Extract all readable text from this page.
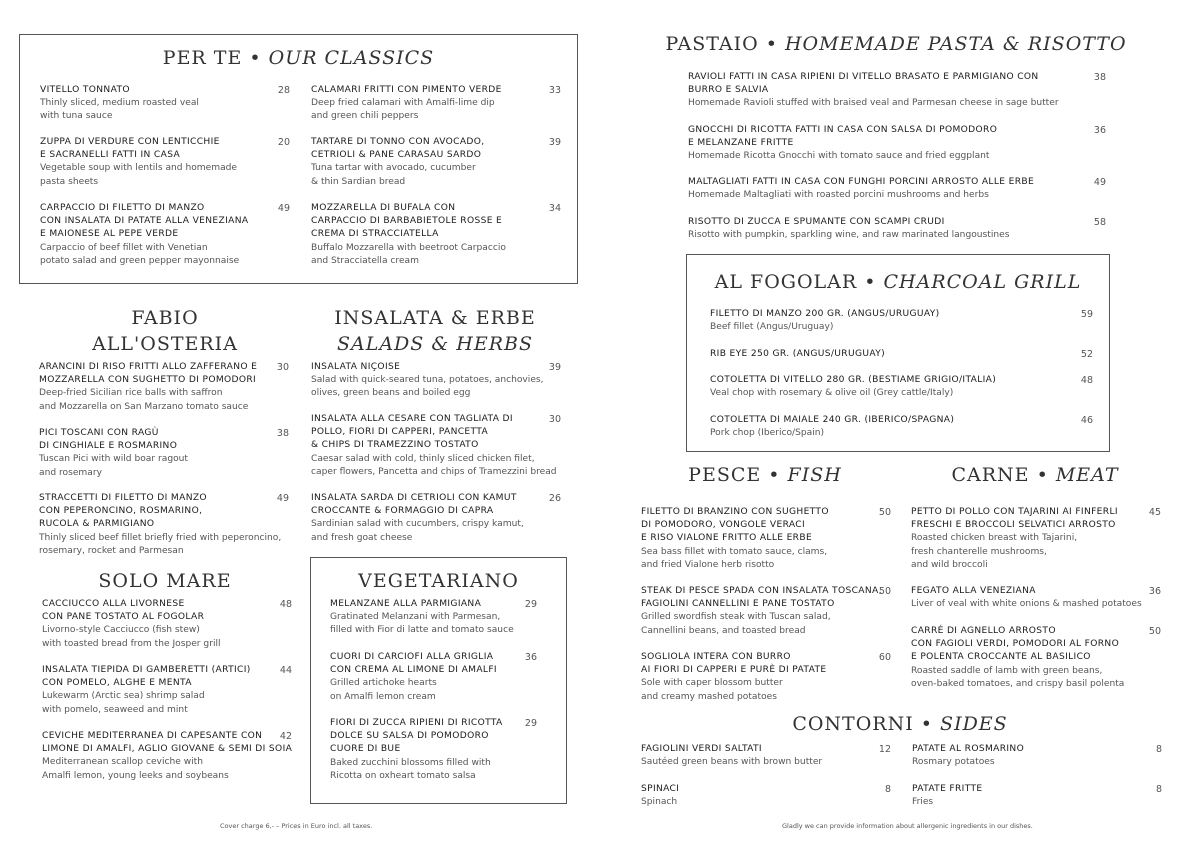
PER TE • OUR CLASSICS
FABIO
ALL'OSTERIA
INSALATA & ERBE
SALADS & HERBS
SOLO MARE	VEGETARIANO
PASTAIO • HOMEMADE PASTA & RISOTTO
AL FOGOLAR • CHARCOAL GRILL
PESCE • FISH	CARNE • MEAT
CONTORNI • SIDES
VITELLO TONNATO
Thinly sliced, medium roasted veal
with tuna sauce
28
ZUPPA DI VERDURE CON LENTICCHIE
E SACRANELLI FATTI IN CASA
Vegetable soup with lentils and homemade
pasta sheets
20
CARPACCIO DI FILETTO DI MANZO
CON INSALATA DI PATATE ALLA VENEZIANA
E MAIONESE AL PEPE VERDE
Carpaccio of beef fillet with Venetian
potato salad and green pepper mayonnaise
49
CALAMARI FRITTI CON PIMENTO VERDE
Deep fried calamari with Amalfi-lime dip
and green chili peppers
33
TARTARE DI TONNO CON AVOCADO,
CETRIOLI & PANE CARASAU SARDO
Tuna tartar with avocado, cucumber
& thin Sardian bread
39
MOZZARELLA DI BUFALA CON
CARPACCIO DI BARBABIETOLE ROSSE E
CREMA DI STRACCIATELLA
Buffalo Mozzarella with beetroot Carpaccio
and Stracciatella cream
34
ARANCINI DI RISO FRITTI ALLO ZAFFERANO E
MOZZARELLA CON SUGHETTO DI POMODORI
Deep-fried Sicilian rice balls with saffron
and Mozzarella on San Marzano tomato sauce
30
PICI TOSCANI CON RAGÙ
DI CINGHIALE E ROSMARINO
Tuscan Pici with wild boar ragout
and rosemary
38
STRACCETTI DI FILETTO DI MANZO
CON PEPERONCINO, ROSMARINO,
RUCOLA & PARMIGIANO
Thinly sliced beef fillet briefly fried with peperoncino,
rosemary, rocket and Parmesan
49
INSALATA NIÇOISE
Salad with quick-seared tuna, potatoes, anchovies,
olives, green beans and boiled egg
39
INSALATA ALLA CESARE CON TAGLIATA DI
POLLO, FIORI DI CAPPERI, PANCETTA
& CHIPS DI TRAMEZZINO TOSTATO
Caesar salad with cold, thinly sliced chicken filet,
caper flowers, Pancetta and chips of Tramezzini bread
30
INSALATA SARDA DI CETRIOLI CON KAMUT
CROCCANTE & FORMAGGIO DI CAPRA
Sardinian salad with cucumbers, crispy kamut,
and fresh goat cheese
26
CACCIUCCO ALLA LIVORNESE
CON PANE TOSTATO AL FOGOLAR
Livorno-style Cacciucco (fish stew)
with toasted bread from the Josper grill
48
INSALATA TIEPIDA DI GAMBERETTI (ARTICI)
CON POMELO, ALGHE E MENTA
Lukewarm (Arctic sea) shrimp salad
with pomelo, seaweed and mint
44
CEVICHE MEDITERRANEA DI CAPESANTE CON
LIMONE DI AMALFI, AGLIO GIOVANE & SEMI DI SOIA
Mediterranean scallop ceviche with
Amalfi lemon, young leeks and soybeans
42
MELANZANE ALLA PARMIGIANA
Gratinated Melanzani with Parmesan,
filled with Fior di latte and tomato sauce
29
CUORI DI CARCIOFI ALLA GRIGLIA
CON CREMA AL LIMONE DI AMALFI
Grilled artichoke hearts
on Amalfi lemon cream
36
FIORI DI ZUCCA RIPIENI DI RICOTTA
DOLCE SU SALSA DI POMODORO
CUORE DI BUE
Baked zucchini blossoms filled with
Ricotta on oxheart tomato salsa
29
RAVIOLI FATTI IN CASA RIPIENI DI VITELLO BRASATO E PARMIGIANO CON
BURRO E SALVIA
Homemade Ravioli stuffed with braised veal and Parmesan cheese in sage butter
38
GNOCCHI DI RICOTTA FATTI IN CASA CON SALSA DI POMODORO
E MELANZANE FRITTE
Homemade Ricotta Gnocchi with tomato sauce and fried eggplant
36
MALTAGLIATI FATTI IN CASA CON FUNGHI PORCINI ARROSTO ALLE ERBE
Homemade Maltagliati with roasted porcini mushrooms and herbs
49
RISOTTO DI ZUCCA E SPUMANTE CON SCAMPI CRUDI
Risotto with pumpkin, sparkling wine, and raw marinated langoustines
58
FILETTO DI MANZO 200 GR. (ANGUS/URUGUAY)
Beef fillet (Angus/Uruguay)
59
RIB EYE 250 GR. (ANGUS/URUGUAY)	52
COTOLETTA DI VITELLO 280 GR. (BESTIAME GRIGIO/ITALIA)
Veal chop with rosemary & olive oil (Grey cattle/Italy)
48
COTOLETTA DI MAIALE 240 GR. (IBERICO/SPAGNA)
Pork chop (Iberico/Spain)
46
FILETTO DI BRANZINO CON SUGHETTO
DI POMODORO, VONGOLE VERACI
E RISO VIALONE FRITTO ALLE ERBE
Sea bass fillet with tomato sauce, clams,
and fried Vialone herb risotto
50
STEAK DI PESCE SPADA CON INSALATA TOSCANA,
FAGIOLINI CANNELLINI E PANE TOSTATO
Grilled swordfish steak with Tuscan salad,
Cannellini beans, and toasted bread
50
SOGLIOLA INTERA CON BURRO
AI FIORI DI CAPPERI E PURÈ DI PATATE
Sole with caper blossom butter
and creamy mashed potatoes
60
PETTO DI POLLO CON TAJARINI AI FINFERLI
FRESCHI E BROCCOLI SELVATICI ARROSTO
Roasted chicken breast with Tajarini,
fresh chanterelle mushrooms,
and wild broccoli
45
FEGATO ALLA VENEZIANA
Liver of veal with white onions & mashed potatoes
36
CARRÉ DI AGNELLO ARROSTO
CON FAGIOLI VERDI, POMODORI AL FORNO
E POLENTA CROCCANTE AL BASILICO
Roasted saddle of lamb with green beans,
oven-baked tomatoes, and crispy basil polenta
50
FAGIOLINI VERDI SALTATI
Sautéed green beans with brown butter
12
SPINACI
Spinach
8
PATATE AL ROSMARINO
Rosmary potatoes
8
PATATE FRITTE
Fries
8
Cover charge 6,- – Prices in Euro incl. all taxes.	Gladly we can provide information about allergenic ingredients in our dishes.
